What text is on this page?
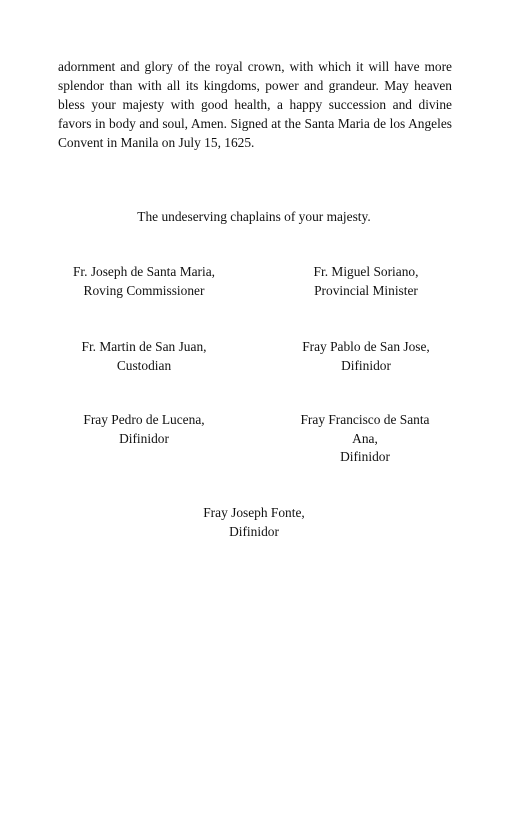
adornment and glory of the royal crown, with which it will have more splendor than with all its kingdoms, power and grandeur. May heaven bless your majesty with good health, a happy succession and divine favors in body and soul, Amen. Signed at the Santa Maria de los Angeles Convent in Manila on July 15, 1625.

The undeserving chaplains of your majesty.
Fr. Joseph de Santa Maria,
Roving Commissioner
Fr. Miguel Soriano,
Provincial Minister
Fr. Martin de San Juan,
Custodian
Fray Pablo de San Jose,
Difinidor
Fray Pedro de Lucena,
Difinidor
Fray Francisco de Santa Ana,
Difinidor
Fray Joseph Fonte,
Difinidor
